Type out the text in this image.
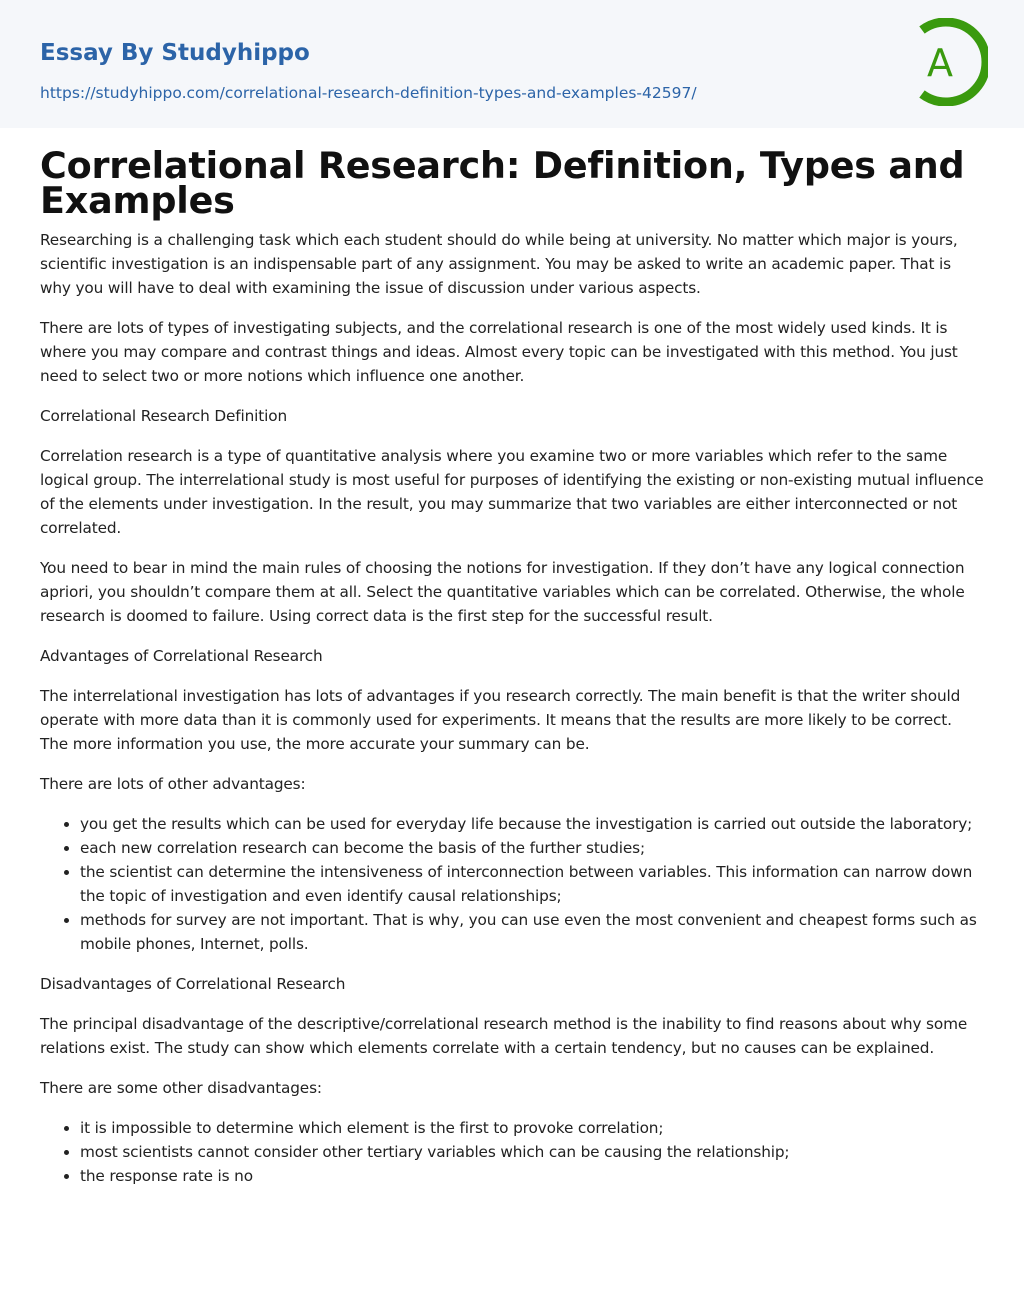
Essay By Studyhippo
https://studyhippo.com/correlational-research-definition-types-and-examples-42597/
A
Correlational Research: Definition, Types and Examples

Researching is a challenging task which each student should do while being at university. No matter which major is yours, scientific investigation is an indispensable part of any assignment. You may be asked to write an academic paper. That is why you will have to deal with examining the issue of discussion under various aspects.

There are lots of types of investigating subjects, and the correlational research is one of the most widely used kinds. It is where you may compare and contrast things and ideas. Almost every topic can be investigated with this method. You just need to select two or more notions which influence one another.

Correlational Research Definition

Correlation research is a type of quantitative analysis where you examine two or more variables which refer to the same logical group. The interrelational study is most useful for purposes of identifying the existing or non-existing mutual influence of the elements under investigation. In the result, you may summarize that two variables are either interconnected or not correlated.

You need to bear in mind the main rules of choosing the notions for investigation. If they don’t have any logical connection apriori, you shouldn’t compare them at all. Select the quantitative variables which can be correlated. Otherwise, the whole research is doomed to failure. Using correct data is the first step for the successful result.

Advantages of Correlational Research

The interrelational investigation has lots of advantages if you research correctly. The main benefit is that the writer should operate with more data than it is commonly used for experiments. It means that the results are more likely to be correct. The more information you use, the more accurate your summary can be.

There are lots of other advantages:

• you get the results which can be used for everyday life because the investigation is carried out outside the laboratory;
• each new correlation research can become the basis of the further studies;
• the scientist can determine the intensiveness of interconnection between variables. This information can narrow down the topic of investigation and even identify causal relationships;
• methods for survey are not important. That is why, you can use even the most convenient and cheapest forms such as mobile phones, Internet, polls.

Disadvantages of Correlational Research

The principal disadvantage of the descriptive/correlational research method is the inability to find reasons about why some relations exist. The study can show which elements correlate with a certain tendency, but no causes can be explained.

There are some other disadvantages:

• it is impossible to determine which element is the first to provoke correlation;
• most scientists cannot consider other tertiary variables which can be causing the relationship;
• the response rate is no
